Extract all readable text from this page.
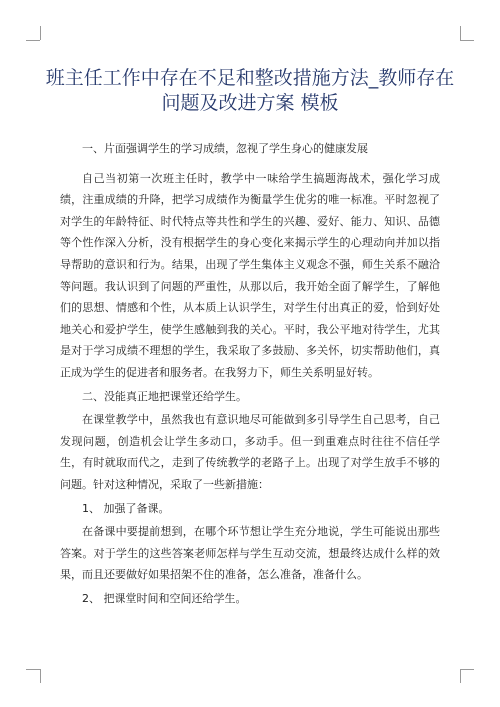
班主任工作中存在不足和整改措施方法_教师存在问题及改进方案 模板

一、片面强调学生的学习成绩，忽视了学生身心的健康发展

自己当初第一次班主任时，教学中一味给学生搞题海战术，强化学习成绩，注重成绩的升降，把学习成绩作为衡量学生优劣的唯一标准。平时忽视了对学生的年龄特征、时代特点等共性和学生的兴趣、爱好、能力、知识、品德等个性作深入分析，没有根据学生的身心变化来揭示学生的心理动向并加以指导帮助的意识和行为。结果，出现了学生集体主义观念不强，师生关系不融洽等问题。我认识到了问题的严重性，从那以后，我开始全面了解学生，了解他们的思想、情感和个性，从本质上认识学生，对学生付出真正的爱，恰到好处地关心和爱护学生，使学生感触到我的关心。平时，我公平地对待学生，尤其是对于学习成绩不理想的学生，我采取了多鼓励、多关怀，切实帮助他们，真正成为学生的促进者和服务者。在我努力下，师生关系明显好转。

二、没能真正地把课堂还给学生。

在课堂教学中，虽然我也有意识地尽可能做到多引导学生自己思考，自己发现问题，创造机会让学生多动口，多动手。但一到重难点时往往不信任学生，有时就取而代之，走到了传统教学的老路子上。出现了对学生放手不够的问题。针对这种情况，采取了一些新措施：

1、 加强了备课。

在备课中要提前想到，在哪个环节想让学生充分地说，学生可能说出那些答案。对于学生的这些答案老师怎样与学生互动交流，想最终达成什么样的效果，而且还要做好如果招架不住的准备，怎么准备，准备什么。

2、 把课堂时间和空间还给学生。
